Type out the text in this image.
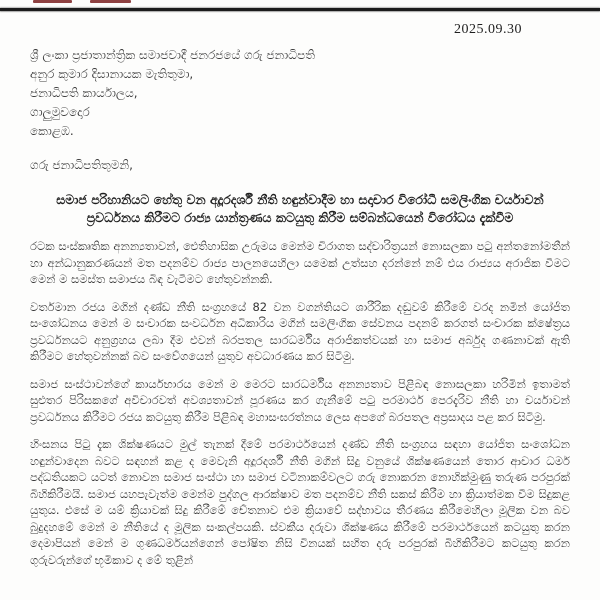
2025.09.30
ශ්‍රී ලංකා ප්‍රජාතාන්ත්‍රික සමාජවාදී ජනරජයේ ගරු ජනාධිපති
අනුර කුමාර දිසානායක මැතිතුමා,
ජනාධිපති කාර්යාලය,
ගාලුමුවදොර
කොළඹ.
ගරු ජනාධිපතිතුමනි,
සමාජ පරිහානියට හේතු වන අදූරදර්ශී නීති හඳුන්වාදීම හා සදාචාර විරෝධී සමලිංගික චර්යාවන් ප්‍රවර්ධනය කිරීමට රාජ්‍ය යාන්ත්‍රණය කටයුතු කිරීම සම්බන්ධයෙන් විරෝධය දැක්වීම

රටක සංස්කෘතික අනන්‍යතාවන්, ඓතිහාසික උරුමය මෙන්ම චිරාගත සද්චාරිත්‍රයන් නොසලකා පටු අන්තනෝමතීන් හා අන්ධානුකරණයන් මත පදනම්ව රාජ්‍ය පාලනයෙහිලා යමෙක් උත්සහ දරන්නේ නම් එය රාජ්‍යය අරාජික වීමට මෙන් ම සමස්ත සමාජය බිඳ වැටීමට හේතුවන්නකි.

වර්තමාන රජය මගින් දණ්ඩ නීති සංග්‍රහයේ 82 වන වගන්තියට ශාරීරික දඬුවම් කිරීමේ වරද නමින් යෝජිත සංශෝධනය මෙන් ම සංචාරක සංවර්ධන අධිකාරිය මගින් සමලිංගික සේවනය පදනම් කරගත් සංචාරක ක්ෂේත්‍රය ප්‍රවර්ධනයට අනුග්‍රහය ලබා දීම එවන් බරපතල සාරධර්මීය අරාජිකත්වයක් හා සමාජ අර්බුද ගණනාවක් ඇති කිරීමට හේතුවන්නක් බව සංවේගයෙන් යුතුව අවධාරණය කර සිටිමු.

සමාජ සංස්ථාවන්ගේ කාර්යභාරය මෙන් ම මෙරට සාරධර්මීය අනන්‍යතාව පිළිබඳ නොසලකා හරිමින් ඉතාමත් සුළුතර පිරිසකගේ අවිචාරවත් අවශ්‍යතාවන් පූරණය කර ගැනීමේ පටු පරමාර්ථ පෙරදැරිව නීති හා චර්යාවන් ප්‍රවර්ධනය කිරීමට රජය කටයුතු කිරීම පිළිබඳ මහාසංඝරත්නය ලෙස අපගේ බරපතල අප්‍රසාදය පළ කර සිටිමු.

හිංසනය පිටු දැක ශික්ෂණයට මුල් තැනක් දීමේ පරමාර්ථයෙන් දණ්ඩ නීති සංග්‍රහය සඳහා යෝජිත සංශෝධන හඳුන්වාදෙන බවට සඳහන් කළ ද මෙවැනි අදූරදර්ශී නීති මගින් සිදු වනුයේ ශික්ෂණයෙන් තොර ආචාර ධර්ම පද්ධතියකට යටත් නොවන සමාජ සංස්ථා හා සමාජ වටිනාකම්වලට ගරු නොකරන නොහික්මුණු තරුණ පරපුරක් බිහිකිරීමයි. සමාජ යහපැවැත්ම මෙන්ම පුද්ගල ආරක්ෂාව මත පදනම්ව නීති සකස් කිරීම හා ක්‍රියාත්මක වීම සිදුකළ යුතුය. එසේ ම යම් ක්‍රියාවක් සිදු කිරීමේ චේතනාව එම ක්‍රියාවේ සද්භාවය තීරණය කිරීමෙහිලා මූලික වන බව බුදුදහමේ මෙන් ම නීතියේ ද මූලික සංකල්පයකි. ස්වකීය දරුවා ශික්ෂණය කිරීමේ පරමාර්ථයෙන් කටයුතු කරන දෙමාපියන් මෙන් ම ගුණධර්මයන්ගෙන් පෝෂිත නිසි විනයක් සහිත දරු පරපුරක් බිහිකිරීමට කටයුතු කරන ගුරුවරුන්ගේ භූමිකාව ද මේ තුළින්
